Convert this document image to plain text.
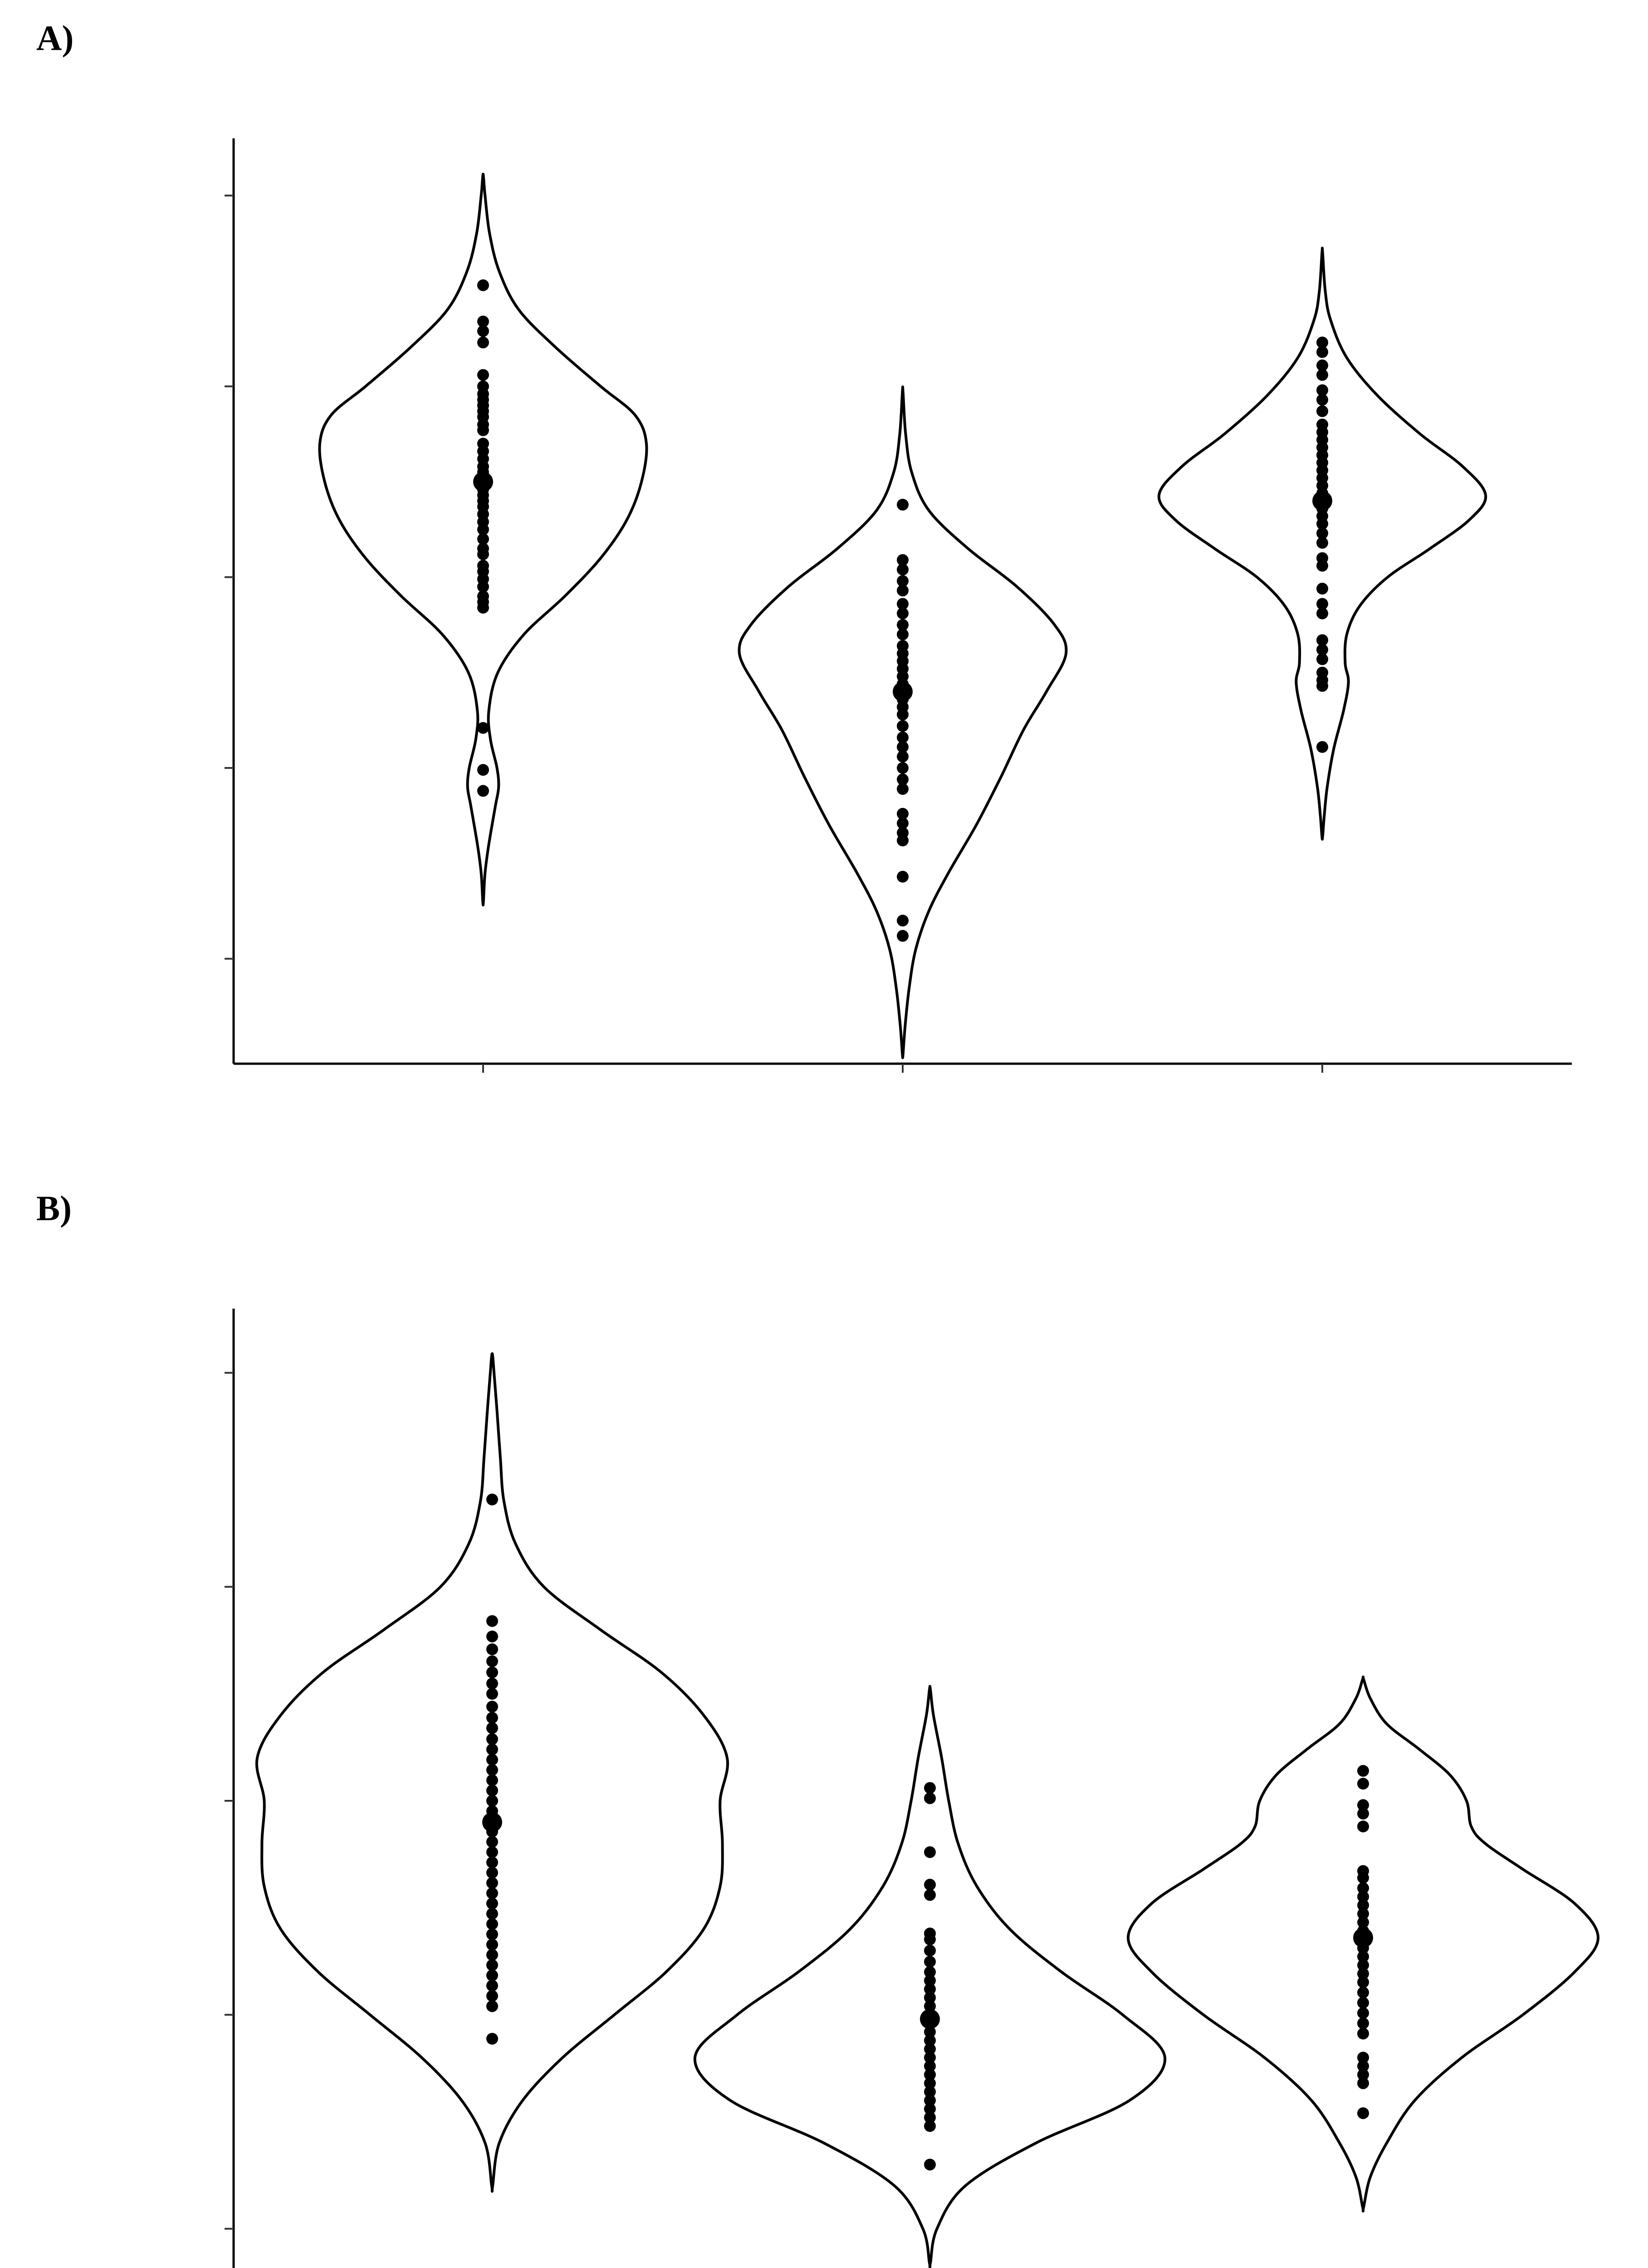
A)
B)
